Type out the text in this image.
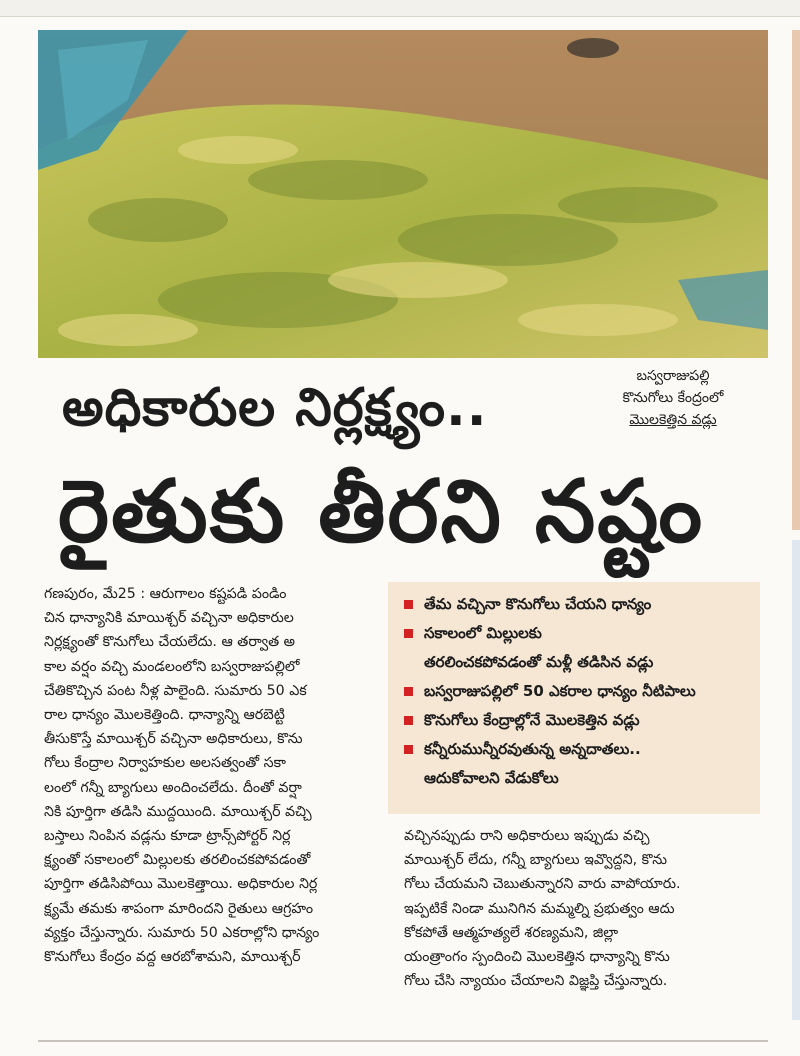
అధికారుల నిర్లక్ష్యం..
బస్వరాజుపల్లి
కొనుగోలు కేంద్రంలో
మొలకెత్తిన వడ్లు
రైతుకు తీరని నష్టం
గణపురం, మే25 : ఆరుగాలం కష్టపడి పండిం
చిన ధాన్యానికి మాయిశ్చర్ వచ్చినా అధికారుల
నిర్లక్ష్యంతో కొనుగోలు చేయలేదు. ఆ తర్వాత అ
కాల వర్షం వచ్చి మండలంలోని బస్వరాజుపల్లిలో
చేతికొచ్చిన పంట నీళ్ల పాలైంది. సుమారు 50 ఎక
రాల ధాన్యం మొలకెత్తింది. ధాన్యాన్ని ఆరబెట్టి
తీసుకొస్తే మాయిశ్చర్ వచ్చినా అధికారులు, కొను
గోలు కేంద్రాల నిర్వాహకుల అలసత్వంతో సకా
లంలో గన్నీ బ్యాగులు అందించలేదు. దీంతో వర్షా
నికి పూర్తిగా తడిసి ముద్దయింది. మాయిశ్చర్ వచ్చి
బస్తాలు నింపిన వడ్లను కూడా ట్రాన్స్‌పోర్టర్ నిర్ల
క్ష్యంతో సకాలంలో మిల్లులకు తరలించకపోవడంతో
పూర్తిగా తడిసిపోయి మొలకెత్తాయి. అధికారుల నిర్ల
క్ష్యమే తమకు శాపంగా మారిందని రైతులు ఆగ్రహం
వ్యక్తం చేస్తున్నారు. సుమారు 50 ఎకరాల్లోని ధాన్యం
కొనుగోలు కేంద్రం వద్ద ఆరబోశామని, మాయిశ్చర్
తేమ వచ్చినా కొనుగోలు చేయని ధాన్యం
సకాలంలో మిల్లులకు
తరలించకపోవడంతో మళ్లీ తడిసిన వడ్లు
బస్వరాజుపల్లిలో 50 ఎకరాల ధాన్యం నీటిపాలు
కొనుగోలు కేంద్రాల్లోనే మొలకెత్తిన వడ్లు
కన్నీరుమున్నీరవుతున్న అన్నదాతలు..
ఆదుకోవాలని వేడుకోలు
వచ్చినప్పుడు రాని అధికారులు ఇప్పుడు వచ్చి
మాయిశ్చర్ లేదు, గన్నీ బ్యాగులు ఇవ్వొద్దని, కొను
గోలు చేయమని చెబుతున్నారని వారు వాపోయారు.
ఇప్పటికే నిండా మునిగిన మమ్మల్ని ప్రభుత్వం ఆదు
కోకపోతే ఆత్మహత్యలే శరణ్యమని, జిల్లా
యంత్రాంగం స్పందించి మొలకెత్తిన ధాన్యాన్ని కొను
గోలు చేసి న్యాయం చేయాలని విజ్ఞప్తి చేస్తున్నారు.
